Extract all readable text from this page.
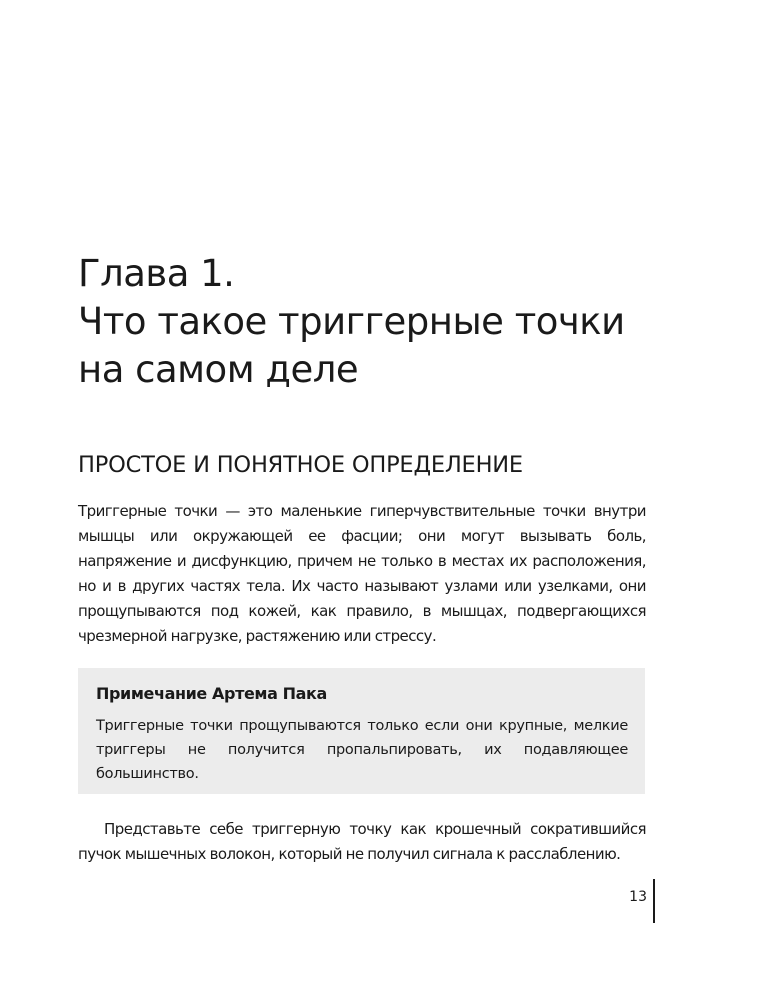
Глава 1.
Что такое триггерные точки
на самом деле
ПРОСТОЕ И ПОНЯТНОЕ ОПРЕДЕЛЕНИЕ

Триггерные точки — это маленькие гиперчувствительные точки внутри мышцы или окружающей ее фасции; они могут вызывать боль, напряжение и дисфункцию, причем не только в местах их расположения, но и в других частях тела. Их часто называют узлами или узелками, они прощупываются под кожей, как правило, в мышцах, подвергающихся чрезмерной нагрузке, растяжению или стрессу.

Примечание Артема Пака

Триггерные точки прощупываются только если они крупные, мелкие триггеры не получится пропальпировать, их подавляющее большинство.

Представьте себе триггерную точку как крошечный сократившийся пучок мышечных волокон, который не получил сигнала к расслаблению.

13
